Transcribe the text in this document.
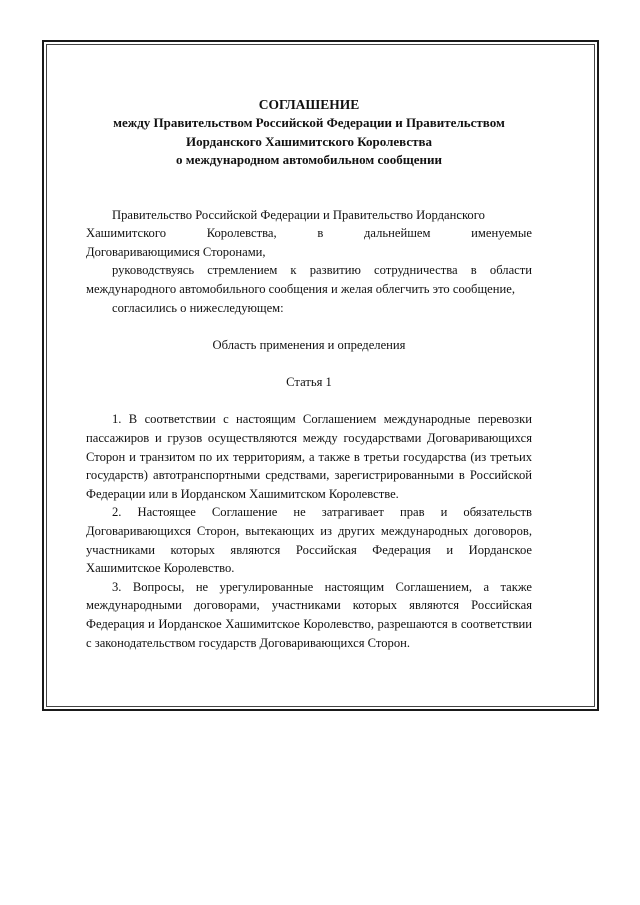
СОГЛАШЕНИЕ
между Правительством Российской Федерации и Правительством
Иорданского Хашимитского Королевства
о международном автомобильном сообщении
Правительство Российской Федерации и Правительство Иорданского
Хашимитского	Королевства,	в	дальнейшем	именуемые
Договаривающимися Сторонами,

руководствуясь стремлением к развитию сотрудничества в области международного автомобильного сообщения и желая облегчить это сообщение,

согласились о нижеследующем:

Область применения и определения
Статья 1

1. В соответствии с настоящим Соглашением международные перевозки пассажиров и грузов осуществляются между государствами Договаривающихся Сторон и транзитом по их территориям, а также в третьи государства (из третьих государств) автотранспортными средствами, зарегистрированными в Российской Федерации или в Иорданском Хашимитском Королевстве.

2. Настоящее Соглашение не затрагивает прав и обязательств Договаривающихся Сторон, вытекающих из других международных договоров, участниками которых являются Российская Федерация и Иорданское Хашимитское Королевство.

3. Вопросы, не урегулированные настоящим Соглашением, а также международными договорами, участниками которых являются Российская Федерация и Иорданское Хашимитское Королевство, разрешаются в соответствии с законодательством государств Договаривающихся Сторон.
